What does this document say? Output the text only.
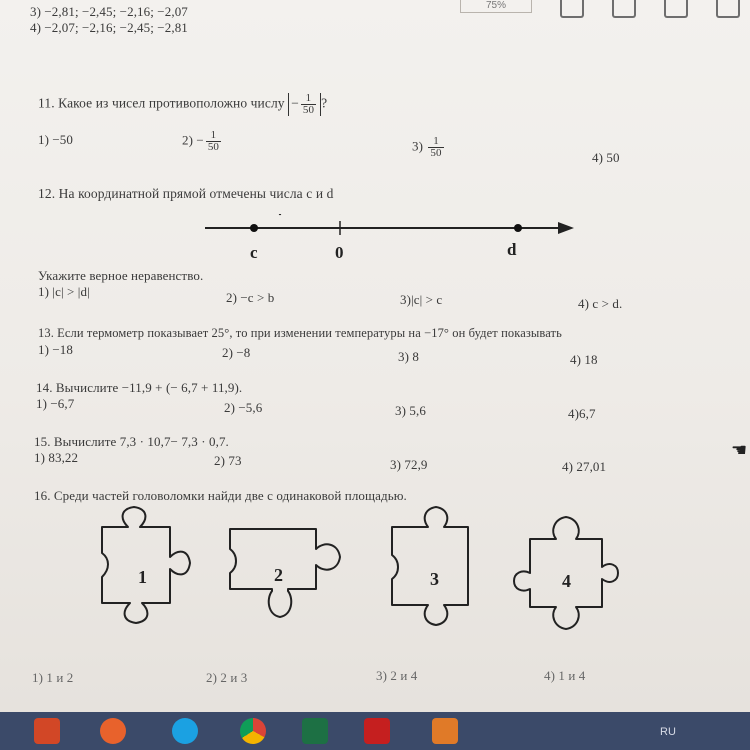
75%
3) −2,81; −2,45; −2,16; −2,07
4) −2,07; −2,16; −2,45; −2,81
11. Какое из чисел противоположно числу − $\frac{1}{50}$ ?
1) −50	$2) - \frac{1}{50}$	$3) \frac{1}{50}$	4) 50
12. На координатной прямой отмечены числа c и d
c	0	d
Укажите верное неравенство.
1) |c| > |d|	2) −c > b	3)|c| > c	4) c > d.
13. Если термометр показывает 25°, то при изменении температуры на −17° он будет показывать
1) −18	2) −8	3) 8	4) 18
14. Вычислите −11,9 + (− 6,7 + 11,9).
1) −6,7	2) −5,6	3) 5,6	4)6,7
15. Вычислите 7,3 · 10,7− 7,3 · 0,7.
1) 83,22	2) 73	3) 72,9	4) 27,01
16. Среди частей головоломки найди две с одинаковой площадью.
1	2	3	4
1) 1 и 2	2) 2 и 3	3) 2 и 4	4) 1 и 4
☚
RU
